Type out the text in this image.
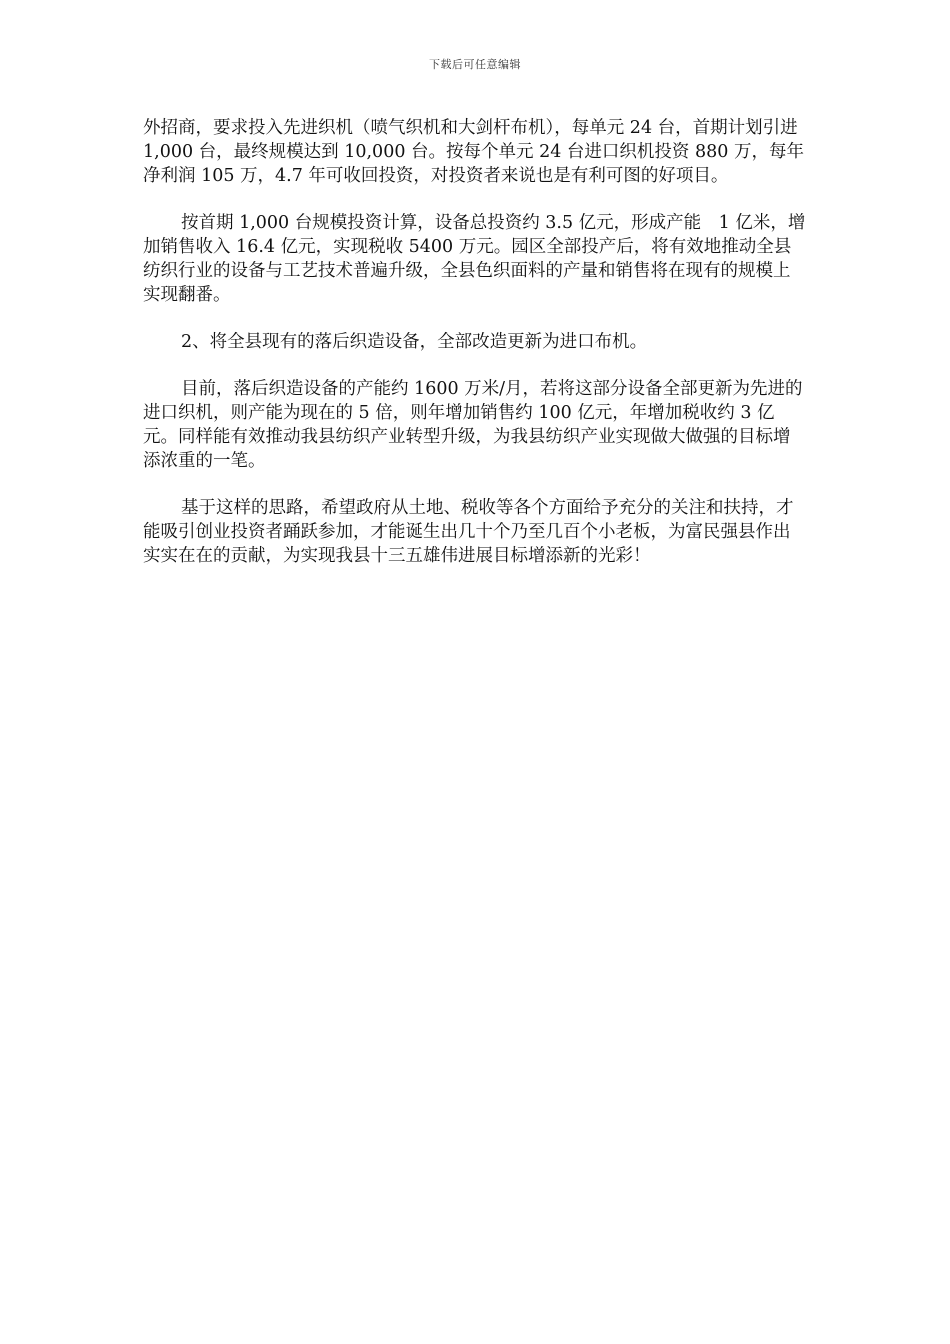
下载后可任意编辑

外招商，要求投入先进织机（喷气织机和大剑杆布机），每单元 24 台，首期计划引进 1,000 台，最终规模达到 10,000 台。按每个单元 24 台进口织机投资 880 万，每年净利润 105 万，4.7 年可收回投资，对投资者来说也是有利可图的好项目。

按首期 1,000 台规模投资计算，设备总投资约 3.5 亿元，形成产能　1 亿米，增加销售收入 16.4 亿元，实现税收 5400 万元。园区全部投产后，将有效地推动全县纺织行业的设备与工艺技术普遍升级，全县色织面料的产量和销售将在现有的规模上实现翻番。

2、将全县现有的落后织造设备，全部改造更新为进口布机。

目前，落后织造设备的产能约 1600 万米/月，若将这部分设备全部更新为先进的进口织机，则产能为现在的 5 倍，则年增加销售约 100 亿元，年增加税收约 3 亿元。同样能有效推动我县纺织产业转型升级，为我县纺织产业实现做大做强的目标增添浓重的一笔。

基于这样的思路，希望政府从土地、税收等各个方面给予充分的关注和扶持，才能吸引创业投资者踊跃参加，才能诞生出几十个乃至几百个小老板，为富民强县作出实实在在的贡献，为实现我县十三五雄伟进展目标增添新的光彩！
